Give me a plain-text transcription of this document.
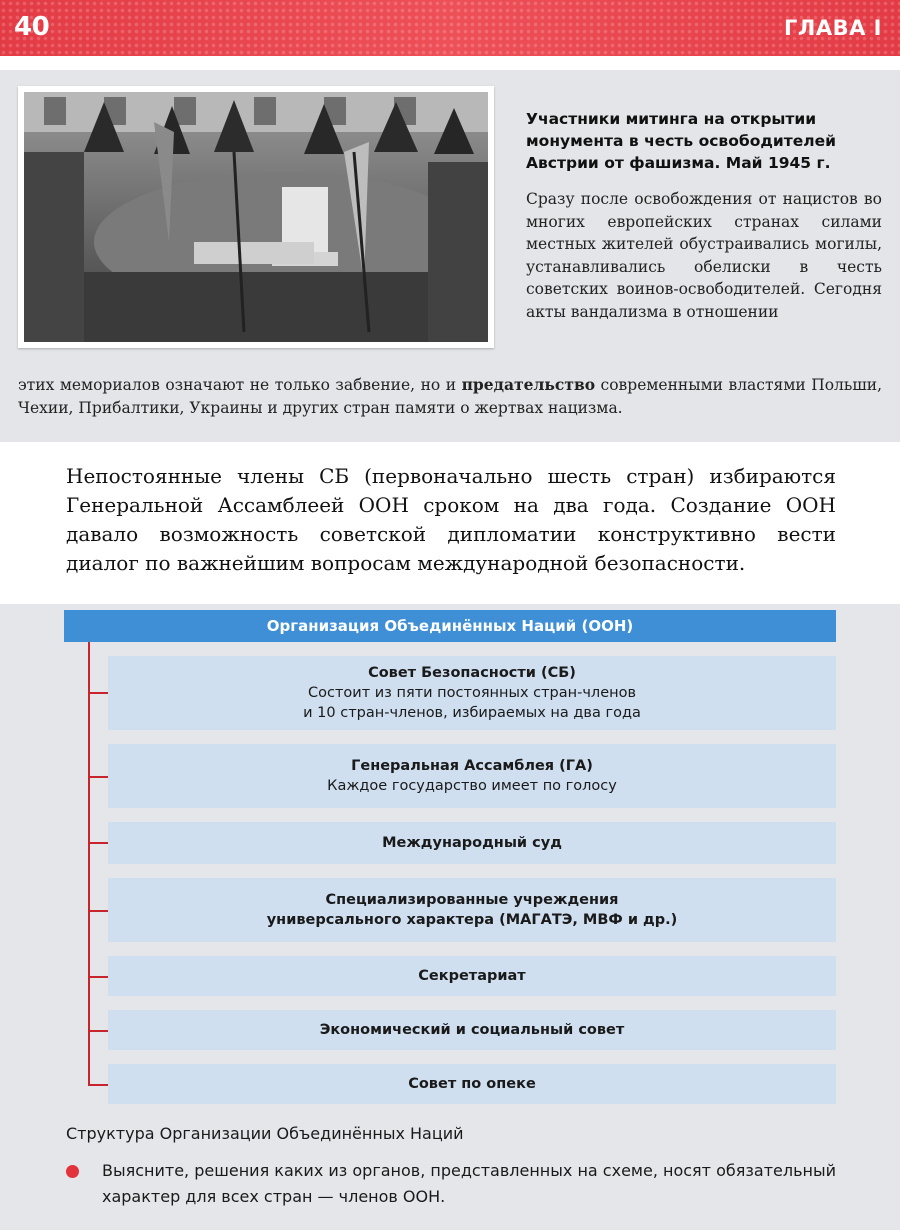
40	ГЛАВА I
Участники митинга на открытии монумента в честь освободителей Австрии от фашизма. Май 1945 г.
Сразу после освобождения от нацистов во многих европейских странах силами местных жителей обустраивались могилы, устанавливались обелиски в честь советских воинов-освободителей. Сегодня акты вандализма в отношении
этих мемориалов означают не только забвение, но и предательство современными властями Польши, Чехии, Прибалтики, Украины и других стран памяти о жертвах нацизма.
Непостоянные члены СБ (первоначально шесть стран) избираются Генеральной Ассамблеей ООН сроком на два года. Создание ООН давало возможность советской дипломатии конструктивно вести диалог по важнейшим вопросам международной безопасности.
Организация Объединённых Наций (ООН)
Совет Безопасности (СБ)
Состоит из пяти постоянных стран-членов
и 10 стран-членов, избираемых на два года
Генеральная Ассамблея (ГА)
Каждое государство имеет по голосу
Международный суд
Специализированные учреждения
универсального характера (МАГАТЭ, МВФ и др.)
Секретариат
Экономический и социальный совет
Совет по опеке
Структура Организации Объединённых Наций
Выясните, решения каких из органов, представленных на схеме, носят обязательный характер для всех стран — членов ООН.
